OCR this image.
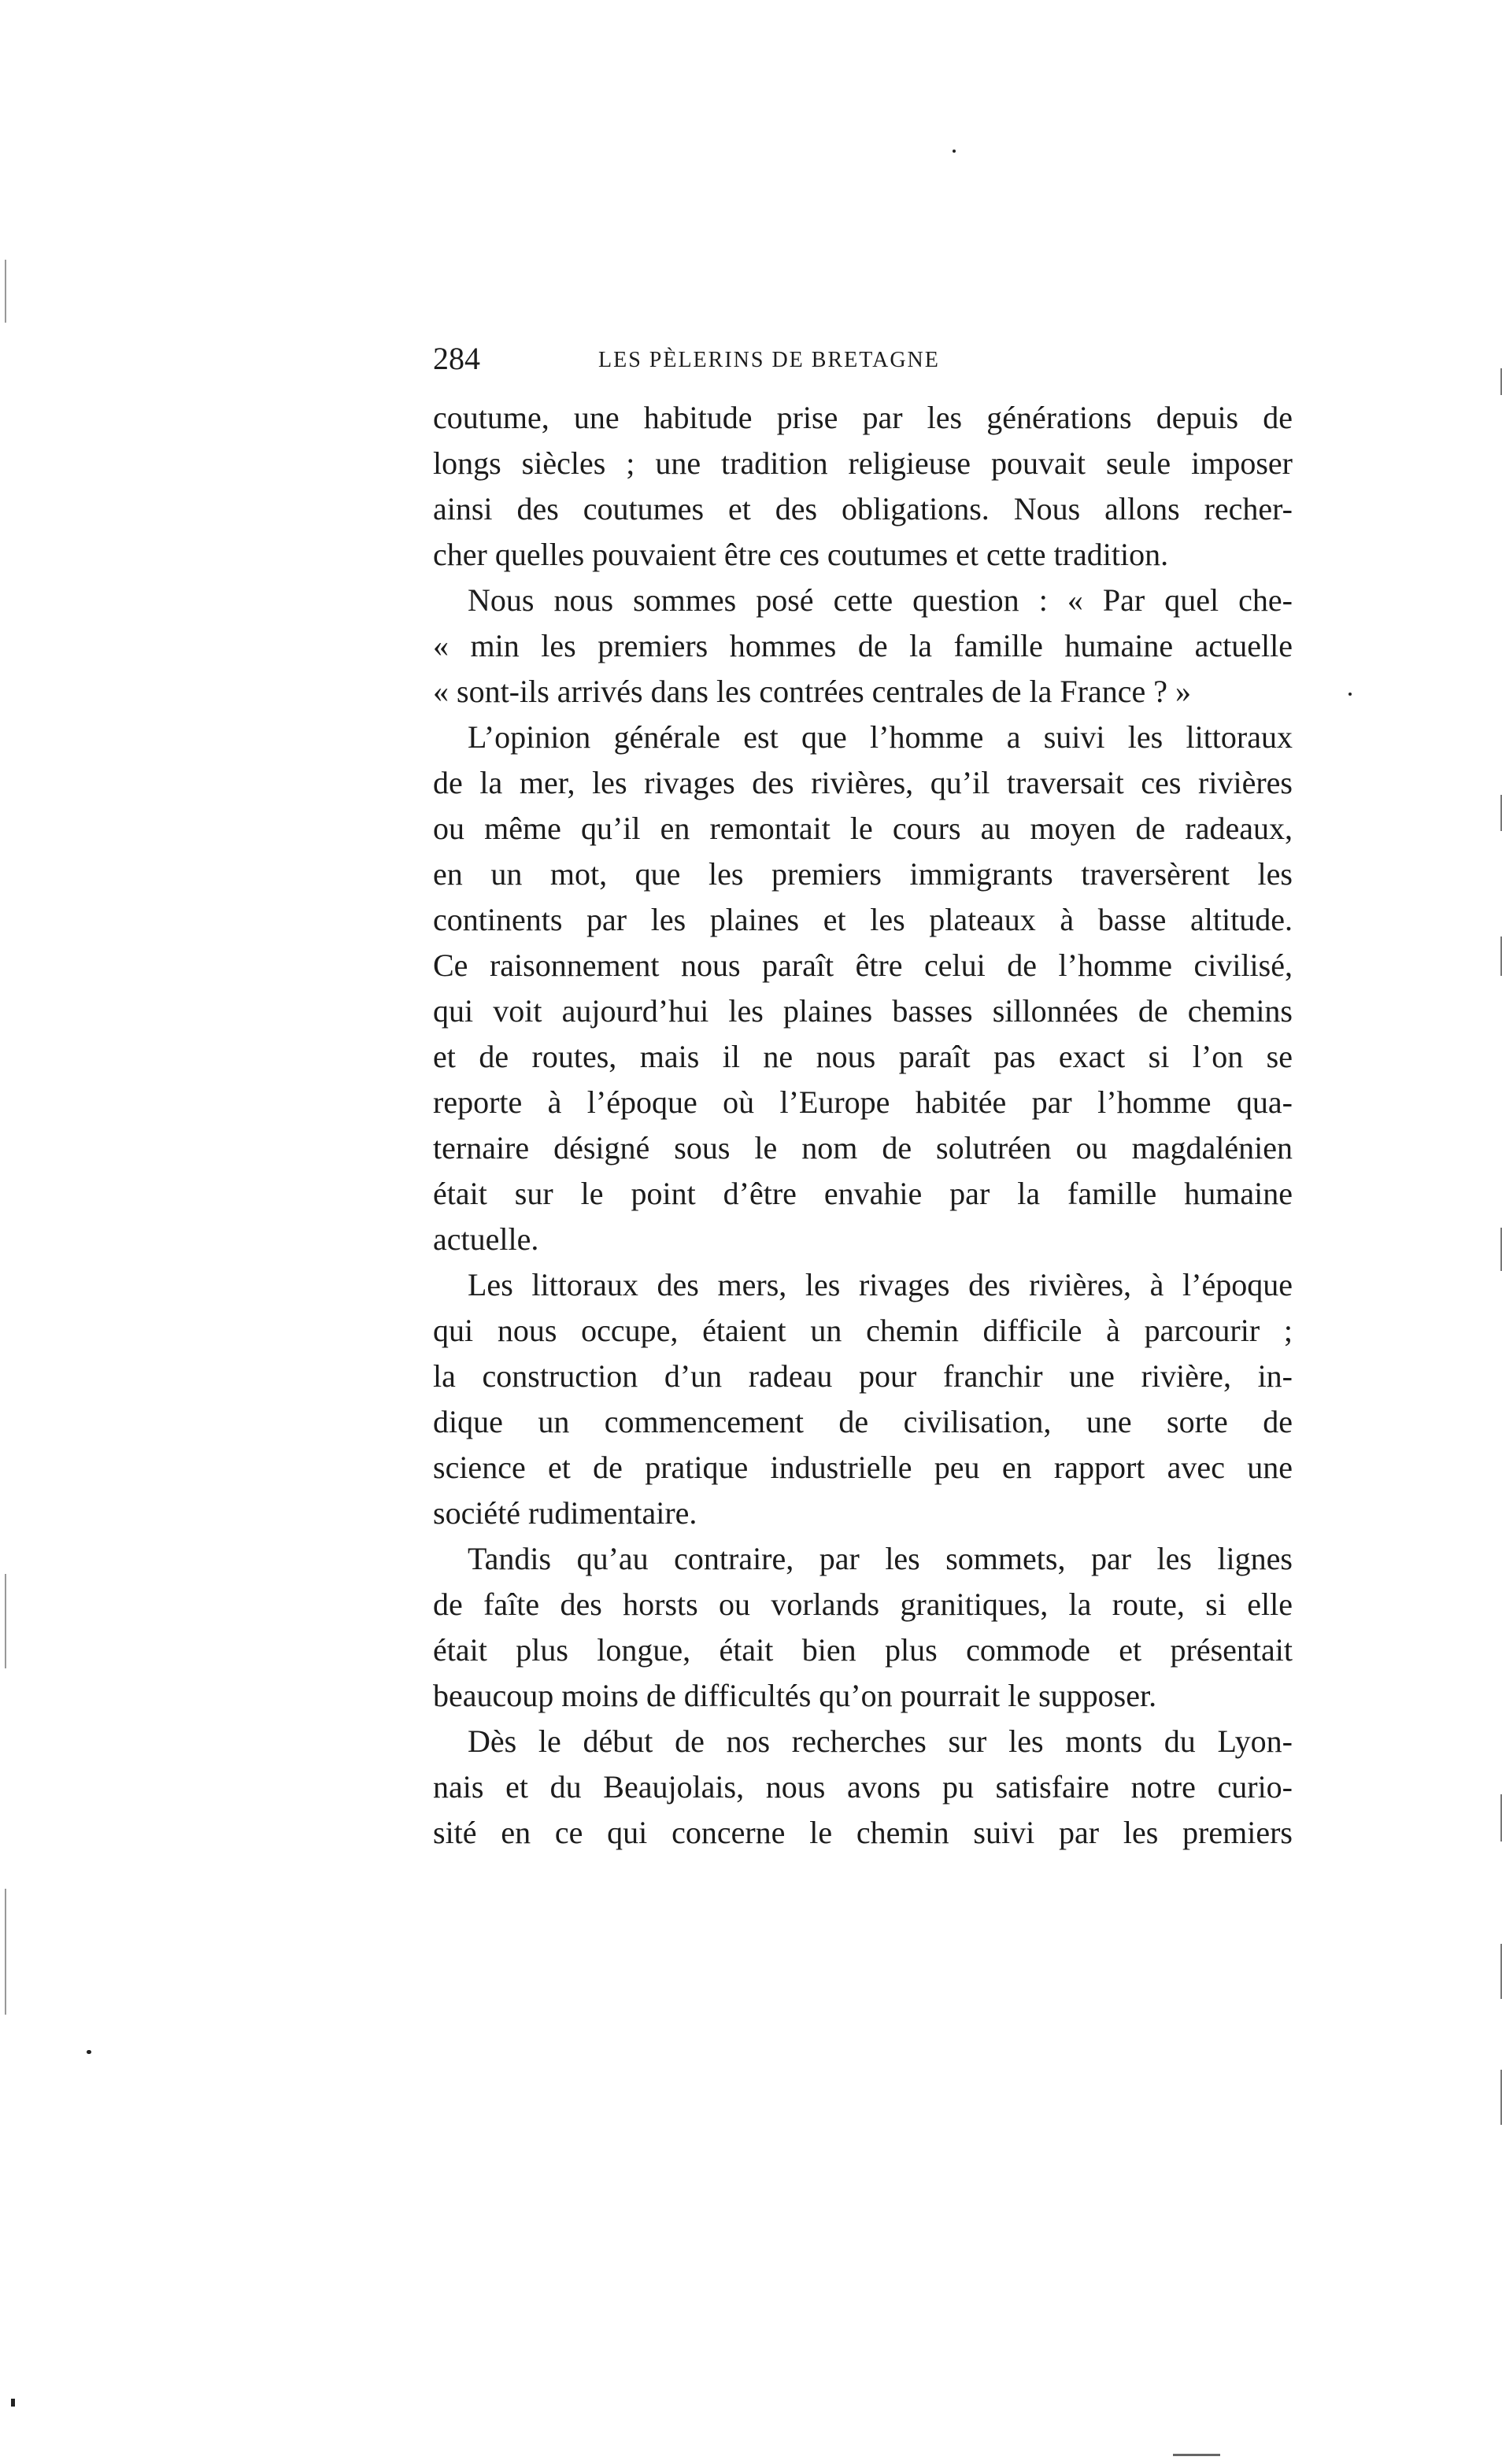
284	LES PÈLERINS DE BRETAGNE
coutume, une habitude prise par les générations depuis de
longs siècles ; une tradition religieuse pouvait seule imposer
ainsi des coutumes et des obligations. Nous allons recher-
cher quelles pouvaient être ces coutumes et cette tradition.
Nous nous sommes posé cette question : « Par quel che-
« min les premiers hommes de la famille humaine actuelle
« sont-ils arrivés dans les contrées centrales de la France ? »
L’opinion générale est que l’homme a suivi les littoraux
de la mer, les rivages des rivières, qu’il traversait ces rivières
ou même qu’il en remontait le cours au moyen de radeaux,
en un mot, que les premiers immigrants traversèrent les
continents par les plaines et les plateaux à basse altitude.
Ce raisonnement nous paraît être celui de l’homme civilisé,
qui voit aujourd’hui les plaines basses sillonnées de chemins
et de routes, mais il ne nous paraît pas exact si l’on se
reporte à l’époque où l’Europe habitée par l’homme qua-
ternaire désigné sous le nom de solutréen ou magdalénien
était sur le point d’être envahie par la famille humaine
actuelle.
Les littoraux des mers, les rivages des rivières, à l’époque
qui nous occupe, étaient un chemin difficile à parcourir ;
la construction d’un radeau pour franchir une rivière, in-
dique un commencement de civilisation, une sorte de
science et de pratique industrielle peu en rapport avec une
société rudimentaire.
Tandis qu’au contraire, par les sommets, par les lignes
de faîte des horsts ou vorlands granitiques, la route, si elle
était plus longue, était bien plus commode et présentait
beaucoup moins de difficultés qu’on pourrait le supposer.
Dès le début de nos recherches sur les monts du Lyon-
nais et du Beaujolais, nous avons pu satisfaire notre curio-
sité en ce qui concerne le chemin suivi par les premiers
